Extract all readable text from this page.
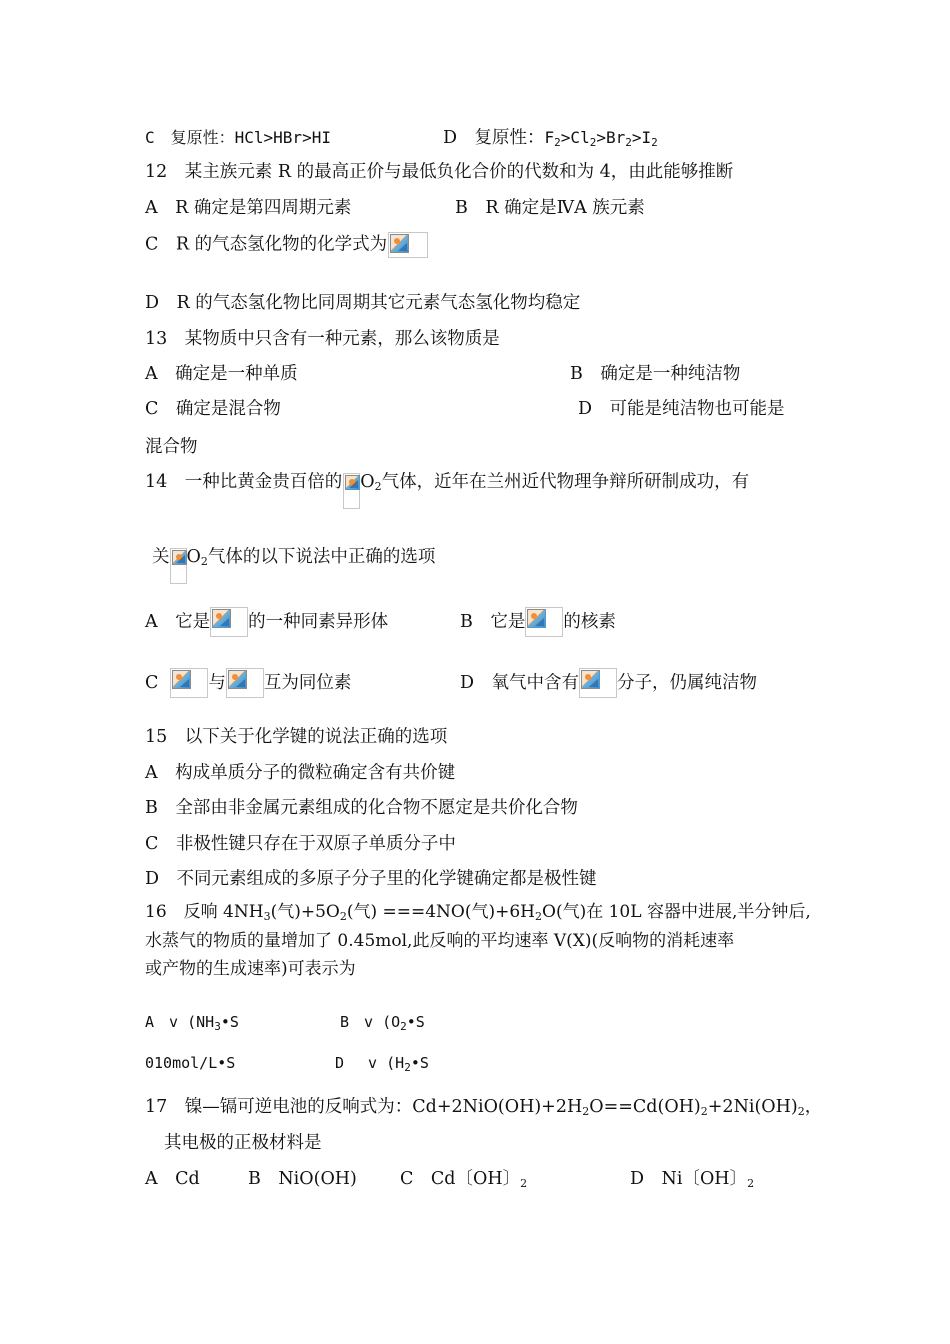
C　复原性：HCl>HBr>HI	D　复原性：$F_2>Cl_2>Br_2>I_2$
12　某主族元素 R 的最高正价与最低负化合价的代数和为 4，由此能够推断
A　R 确定是第四周期元素	B　R 确定是ⅣA 族元素
C　R 的气态氢化物的化学式为
D　R 的气态氢化物比同周期其它元素气态氢化物均稳定
13　某物质中只含有一种元素，那么该物质是
A　确定是一种单质	B　确定是一种纯洁物
C　确定是混合物	D　可能是纯洁物也可能是
混合物
14　一种比黄金贵百倍的 $O_2$气体，近年在兰州近代物理争辩所研制成功，有
关 $O_2$气体的以下说法中正确的选项
A　它是 的一种同素异形体	B　它是 的核素
C	与 互为同位素	D　氧气中含有 分子，仍属纯洁物
15　以下关于化学键的说法正确的选项
A　构成单质分子的微粒确定含有共价键
B　全部由非金属元素组成的化合物不愿定是共价化合物
C　非极性键只存在于双原子单质分子中
D　不同元素组成的多原子分子里的化学键确定都是极性键
16　反响 $4NH_3$(气)$+5O_2$(气) ===4NO(气)$+6H_2O$(气)在 10L 容器中进展,半分钟后,
水蒸气的物质的量增加了 0.45mol,此反响的平均速率 V(X)(反响物的消耗速率
或产物的生成速率)可表示为
A　v ($NH_3•S$	B　v ($O_2•S$
010mol/L•S	D　 v ($H_2•S$
17　镍—镉可逆电池的反响式为：$Cd+2NiO(OH)+2H_2O==Cd(OH)_2+2Ni(OH)_2$，
其电极的正极材料是
A　Cd	B　NiO(OH) C　Cd〔OH〕$_2$	D　Ni〔OH〕$_2$
